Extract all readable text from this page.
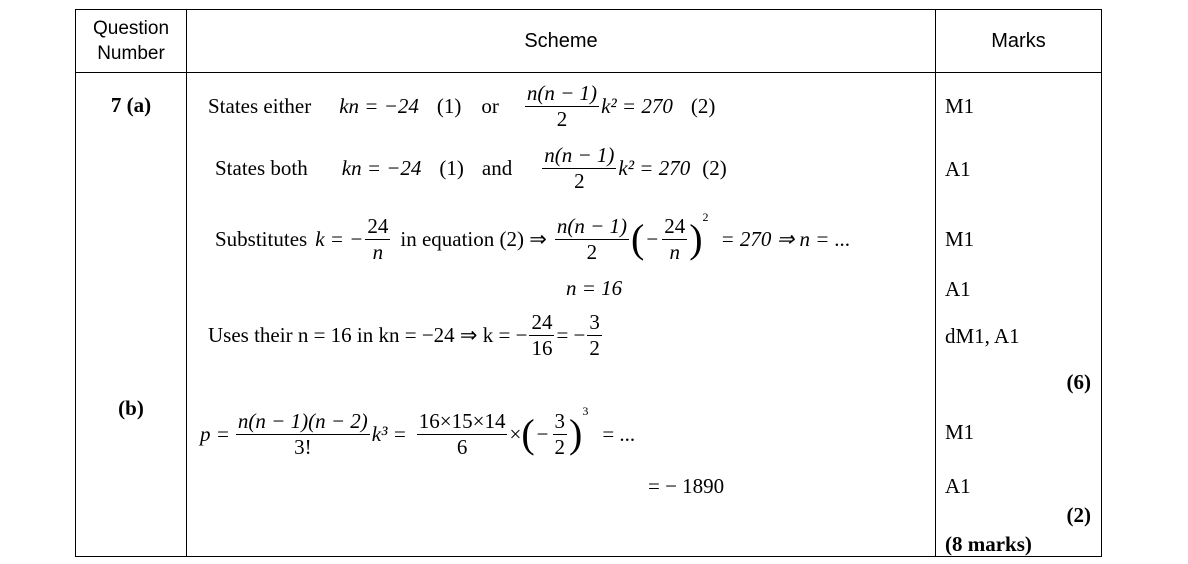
Question Number
Scheme	Marks
7 (a)
(b)
States either kn = −24 (1) or $\frac{n(n - 1)}{2} k^2 = 270$ (2)
States both kn = −24 (1) and $\frac{n(n - 1)}{2} k^2 = 270$ (2)
Substitutes k = − $\frac{24}{n}$ in equation (2) ⇒ $\frac{n(n - 1)}{2}$ ( − $\frac{24}{n} )^2$
= 270 ⇒ n = ...
n = 16
Uses their n = 16 in kn = −24 ⇒ k = − $\frac{24}{16}$ = − $\frac{3}{2}$
$p = \frac{n(n - 1)(n - 2)}{3!} k^3 = \frac{16\times 15\times 14}{6}$ × ( − $\frac{3}{2} )^3$
= ...
= − 1890
M1
A1
M1
A1
dM1, A1
(6)
M1
A1
(2)
(8 marks)
